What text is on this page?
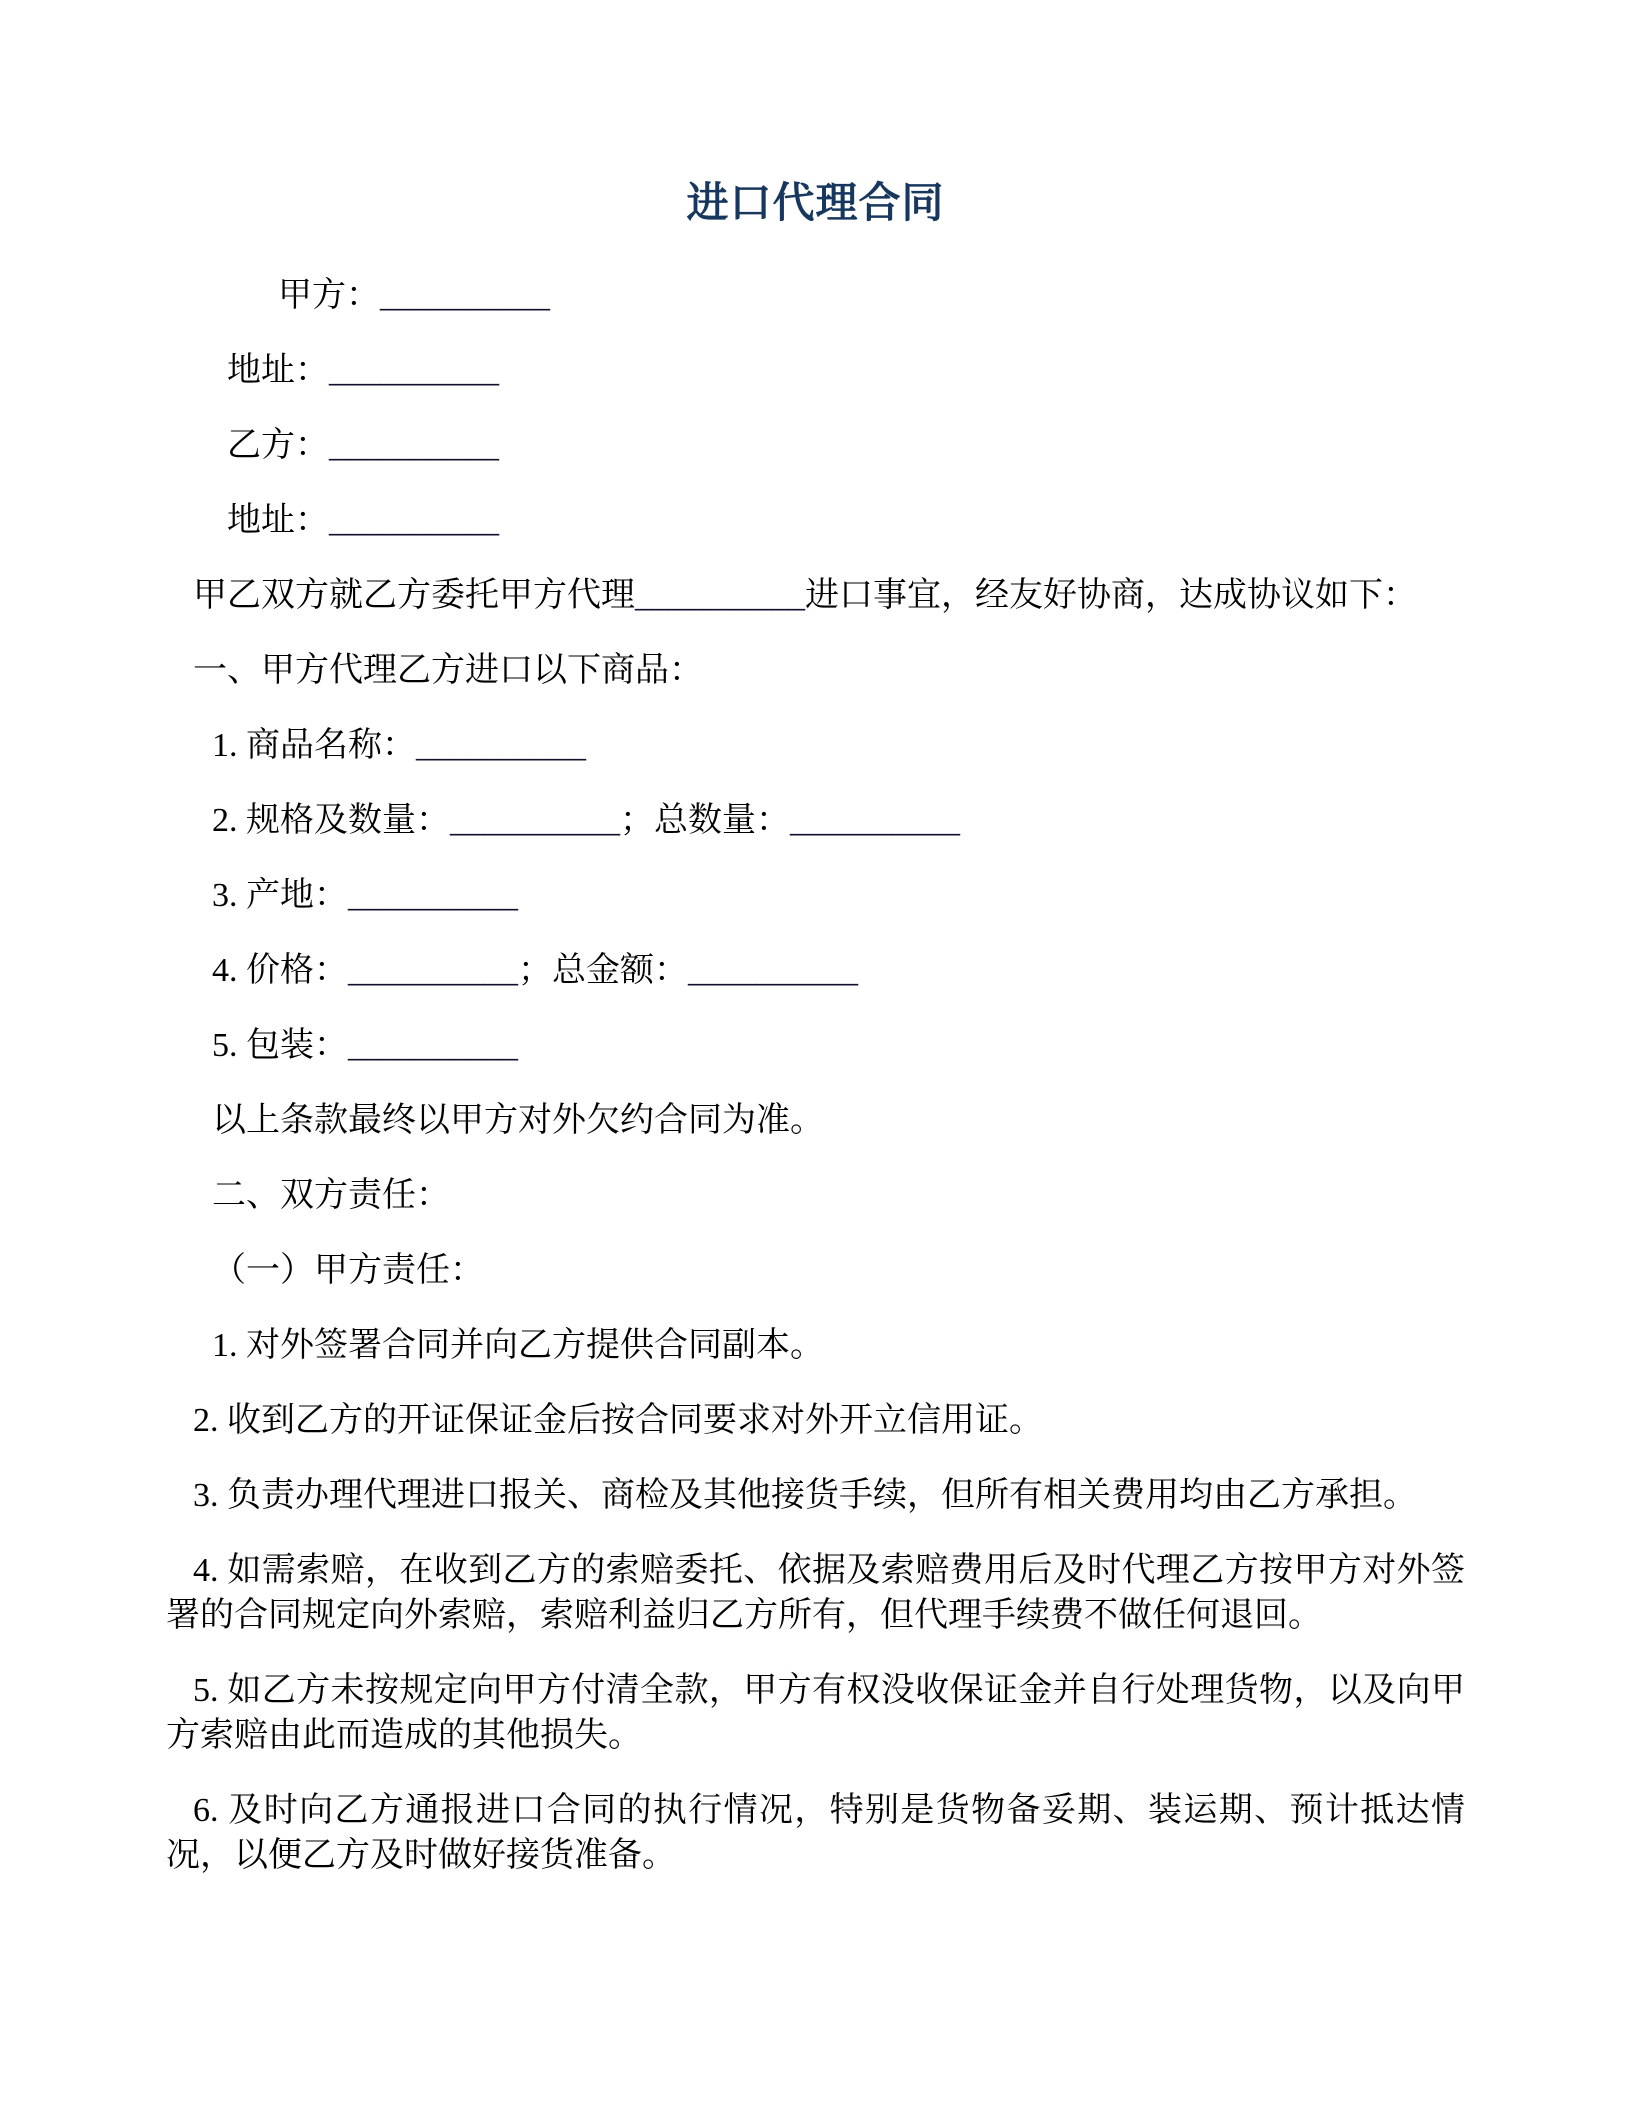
进口代理合同

甲方：__________

地址：__________

乙方：__________

地址：__________

甲乙双方就乙方委托甲方代理__________进口事宜，经友好协商，达成协议如下：

一、甲方代理乙方进口以下商品：

1. 商品名称：__________

2. 规格及数量：__________；总数量：__________

3. 产地：__________

4. 价格：__________；总金额：__________

5. 包装：__________

以上条款最终以甲方对外欠约合同为准。

二、双方责任：

（一）甲方责任：

1. 对外签署合同并向乙方提供合同副本。

2. 收到乙方的开证保证金后按合同要求对外开立信用证。

3. 负责办理代理进口报关、商检及其他接货手续，但所有相关费用均由乙方承担。

4. 如需索赔，在收到乙方的索赔委托、依据及索赔费用后及时代理乙方按甲方对外签署的合同规定向外索赔，索赔利益归乙方所有，但代理手续费不做任何退回。

5. 如乙方未按规定向甲方付清全款，甲方有权没收保证金并自行处理货物，以及向甲方索赔由此而造成的其他损失。

6. 及时向乙方通报进口合同的执行情况，特别是货物备妥期、装运期、预计抵达情况，以便乙方及时做好接货准备。
